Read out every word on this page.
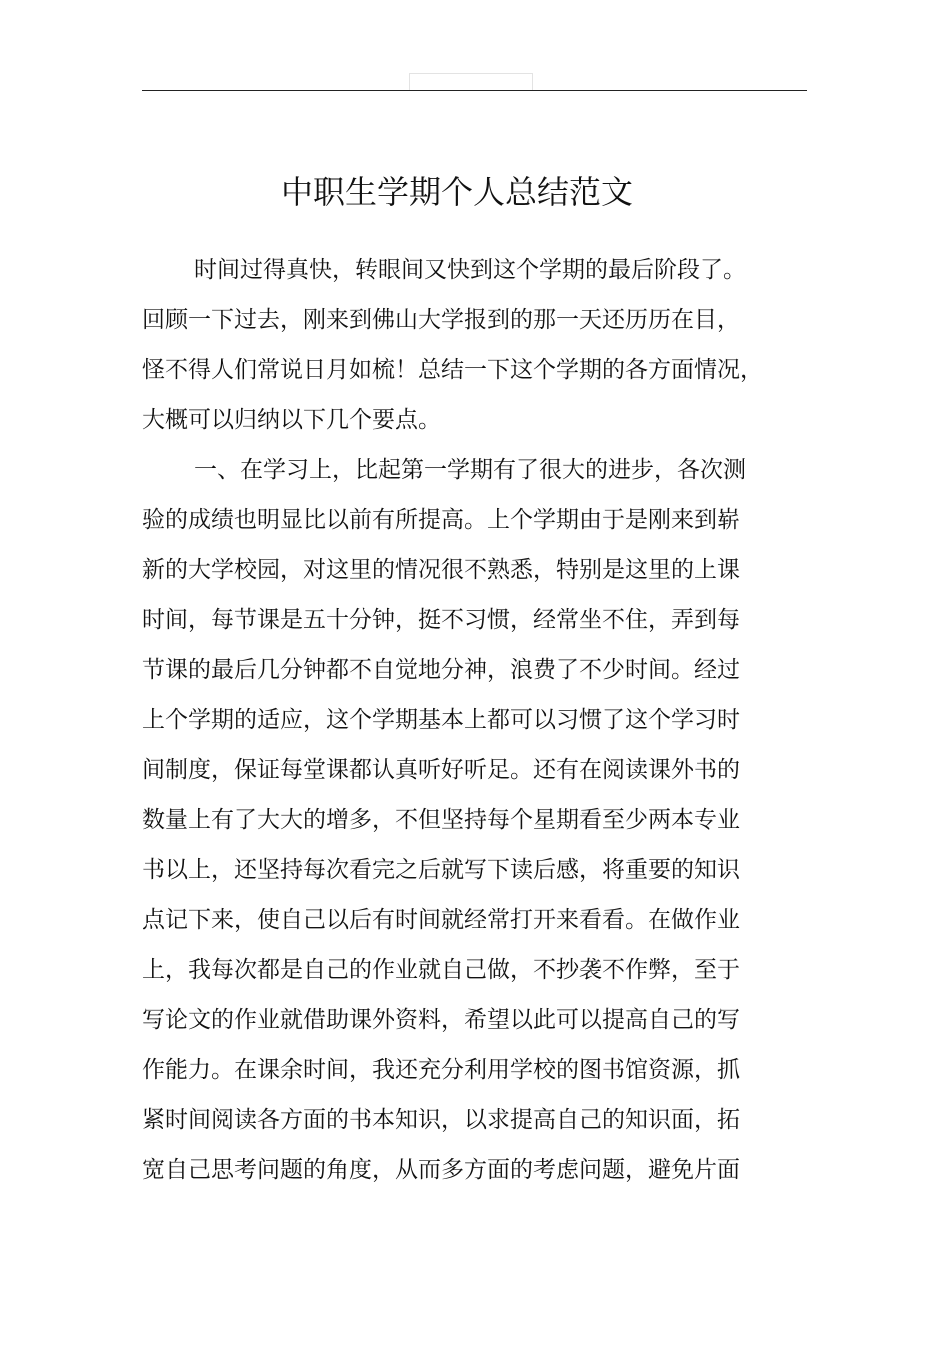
中职生学期个人总结范文
时间过得真快，转眼间又快到这个学期的最后阶段了。
回顾一下过去，刚来到佛山大学报到的那一天还历历在目，
怪不得人们常说日月如梳！总结一下这个学期的各方面情况，
大概可以归纳以下几个要点。
一、在学习上，比起第一学期有了很大的进步，各次测
验的成绩也明显比以前有所提高。上个学期由于是刚来到崭
新的大学校园，对这里的情况很不熟悉，特别是这里的上课
时间，每节课是五十分钟，挺不习惯，经常坐不住，弄到每
节课的最后几分钟都不自觉地分神，浪费了不少时间。经过
上个学期的适应，这个学期基本上都可以习惯了这个学习时
间制度，保证每堂课都认真听好听足。还有在阅读课外书的
数量上有了大大的增多，不但坚持每个星期看至少两本专业
书以上，还坚持每次看完之后就写下读后感，将重要的知识
点记下来，使自己以后有时间就经常打开来看看。在做作业
上，我每次都是自己的作业就自己做，不抄袭不作弊，至于
写论文的作业就借助课外资料，希望以此可以提高自己的写
作能力。在课余时间，我还充分利用学校的图书馆资源，抓
紧时间阅读各方面的书本知识，以求提高自己的知识面，拓
宽自己思考问题的角度，从而多方面的考虑问题，避免片面
